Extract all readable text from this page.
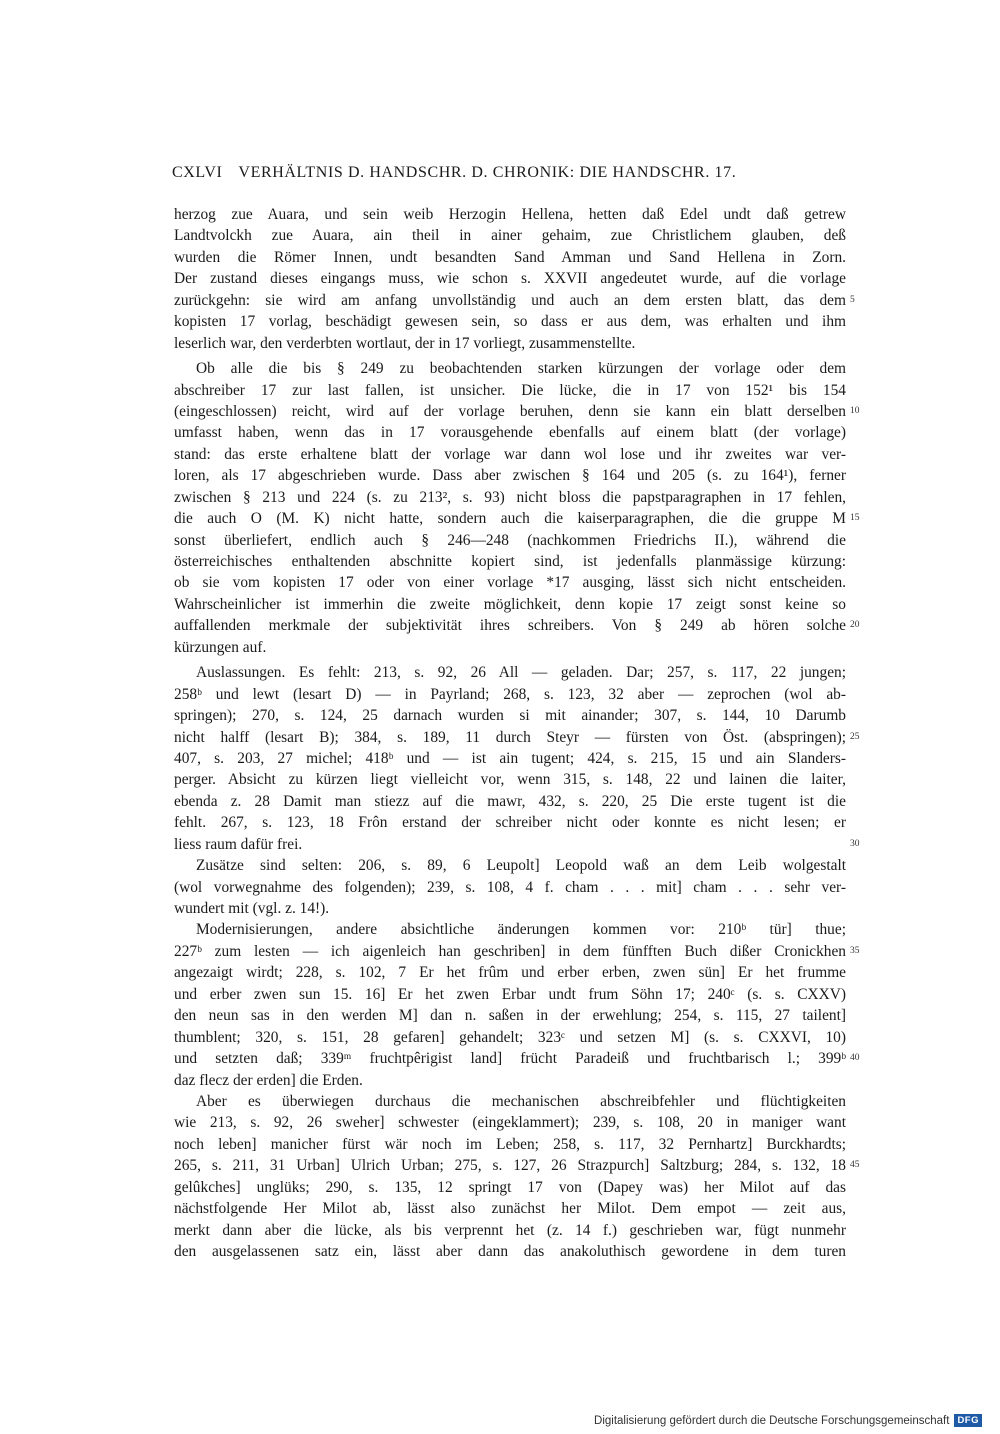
CXLVI VERHÄLTNIS D. HANDSCHR. D. CHRONIK: DIE HANDSCHR. 17.
herzog zue Auara, und sein weib Herzogin Hellena, hetten daß Edel undt daß getrew
Landtvolckh zue Auara, ain theil in ainer gehaim, zue Christlichem glauben, deß
wurden die Römer Innen, undt besandten Sand Amman und Sand Hellena in Zorn.
Der zustand dieses eingangs muss, wie schon s. XXVII angedeutet wurde, auf die vorlage
zurückgehn: sie wird am anfang unvollständig und auch an dem ersten blatt, das dem 5
kopisten 17 vorlag, beschädigt gewesen sein, so dass er aus dem, was erhalten und ihm
leserlich war, den verderbten wortlaut, der in 17 vorliegt, zusammenstellte.
Ob alle die bis § 249 zu beobachtenden starken kürzungen der vorlage oder dem
abschreiber 17 zur last fallen, ist unsicher. Die lücke, die in 17 von 152¹ bis 154
(eingeschlossen) reicht, wird auf der vorlage beruhen, denn sie kann ein blatt derselben 10
umfasst haben, wenn das in 17 vorausgehende ebenfalls auf einem blatt (der vorlage)
stand: das erste erhaltene blatt der vorlage war dann wol lose und ihr zweites war ver-
loren, als 17 abgeschrieben wurde. Dass aber zwischen § 164 und 205 (s. zu 164¹), ferner
zwischen § 213 und 224 (s. zu 213², s. 93) nicht bloss die papstparagraphen in 17 fehlen,
die auch O (M. K) nicht hatte, sondern auch die kaiserparagraphen, die die gruppe M 15
sonst überliefert, endlich auch § 246—248 (nachkommen Friedrichs II.), während die
österreichisches enthaltenden abschnitte kopiert sind, ist jedenfalls planmässige kürzung:
ob sie vom kopisten 17 oder von einer vorlage *17 ausging, lässt sich nicht entscheiden.
Wahrscheinlicher ist immerhin die zweite möglichkeit, denn kopie 17 zeigt sonst keine so
auffallenden merkmale der subjektivität ihres schreibers. Von § 249 ab hören solche 20
kürzungen auf.
Auslassungen. Es fehlt: 213, s. 92, 26 All — geladen. Dar; 257, s. 117, 22 jungen;
258ᵇ und lewt (lesart D) — in Payrland; 268, s. 123, 32 aber — zeprochen (wol ab-
springen); 270, s. 124, 25 darnach wurden si mit ainander; 307, s. 144, 10 Darumb
nicht halff (lesart B); 384, s. 189, 11 durch Steyr — fürsten von Öst. (abspringen); 25
407, s. 203, 27 michel; 418ᵇ und — ist ain tugent; 424, s. 215, 15 und ain Slanders-
perger. Absicht zu kürzen liegt vielleicht vor, wenn 315, s. 148, 22 und lainen die laiter,
ebenda z. 28 Damit man stiezz auf die mawr, 432, s. 220, 25 Die erste tugent ist die
fehlt. 267, s. 123, 18 Frôn erstand der schreiber nicht oder konnte es nicht lesen; er
liess raum dafür frei.	30
Zusätze sind selten: 206, s. 89, 6 Leupolt] Leopold waß an dem Leib wolgestalt
(wol vorwegnahme des folgenden); 239, s. 108, 4 f. cham . . . mit] cham . . . sehr ver-
wundert mit (vgl. z. 14!).
Modernisierungen, andere absichtliche änderungen kommen vor: 210ᵇ tür] thue;
227ᵇ zum lesten — ich aigenleich han geschriben] in dem fünfften Buch dißer Cronickhen 35
angezaigt wirdt; 228, s. 102, 7 Er het frûm und erber erben, zwen sün] Er het frumme
und erber zwen sun 15. 16] Er het zwen Erbar undt frum Söhn 17; 240ᶜ (s. s. CXXV)
den neun sas in den werden M] dan n. saßen in der erwehlung; 254, s. 115, 27 tailent]
thumblent; 320, s. 151, 28 gefaren] gehandelt; 323ᶜ und setzen M] (s. s. CXXVI, 10)
und setzten daß; 339ᵐ fruchtpêrigist land] frücht Paradeiß und fruchtbarisch l.; 399ᵇ 40
daz flecz der erden] die Erden.
Aber es überwiegen durchaus die mechanischen abschreibfehler und flüchtigkeiten
wie 213, s. 92, 26 sweher] schwester (eingeklammert); 239, s. 108, 20 in maniger want
noch leben] manicher fürst wär noch im Leben; 258, s. 117, 32 Pernhartz] Burckhardts;
265, s. 211, 31 Urban] Ulrich Urban; 275, s. 127, 26 Strazpurch] Saltzburg; 284, s. 132, 18 45
gelûkches] unglüks; 290, s. 135, 12 springt 17 von (Dapey was) her Milot auf das
nächstfolgende Her Milot ab, lässt also zunächst her Milot. Dem empot — zeit aus,
merkt dann aber die lücke, als bis verprennt het (z. 14 f.) geschrieben war, fügt nunmehr
den ausgelassenen satz ein, lässt aber dann das anakoluthisch gewordene in dem turen
Digitalisierung gefördert durch die Deutsche Forschungsgemeinschaft DFG
